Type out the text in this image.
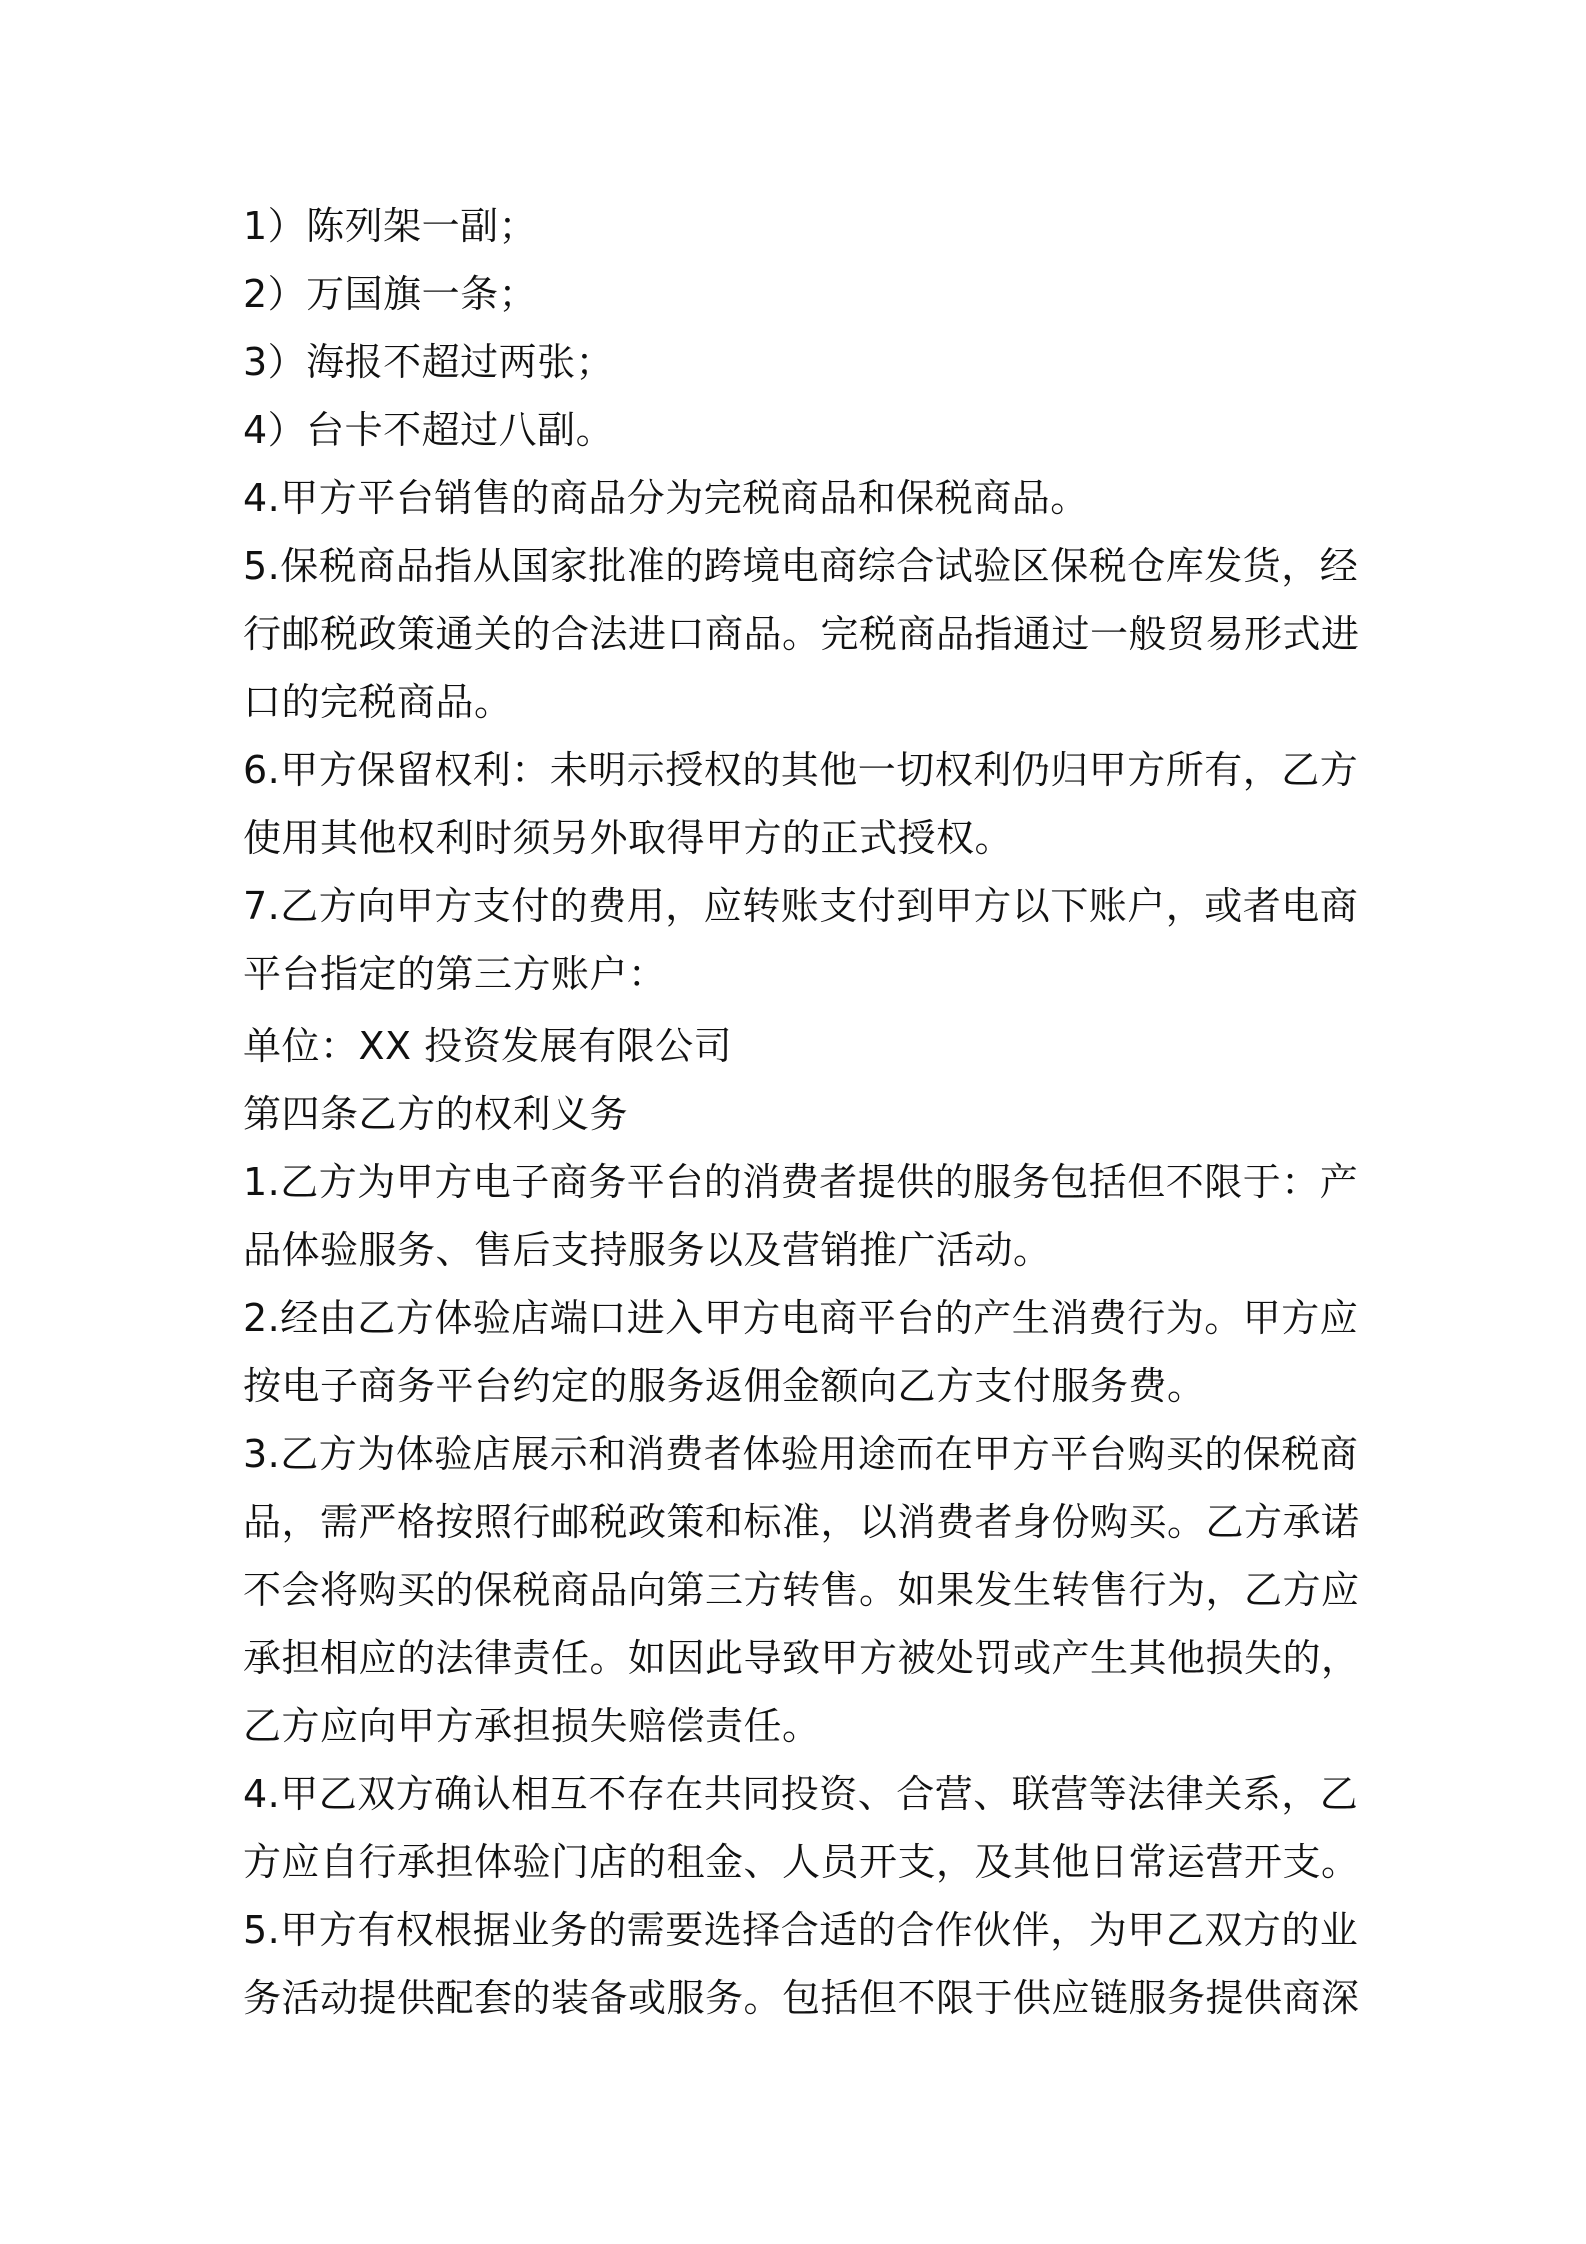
1）陈列架一副；
2）万国旗一条；
3）海报不超过两张；
4）台卡不超过八副。
4.甲方平台销售的商品分为完税商品和保税商品。
5.保税商品指从国家批准的跨境电商综合试验区保税仓库发货，经
行邮税政策通关的合法进口商品。完税商品指通过一般贸易形式进
口的完税商品。
6.甲方保留权利：未明示授权的其他一切权利仍归甲方所有，乙方
使用其他权利时须另外取得甲方的正式授权。
7.乙方向甲方支付的费用，应转账支付到甲方以下账户，或者电商
平台指定的第三方账户：
单位：XX 投资发展有限公司
第四条乙方的权利义务
1.乙方为甲方电子商务平台的消费者提供的服务包括但不限于：产
品体验服务、售后支持服务以及营销推广活动。
2.经由乙方体验店端口进入甲方电商平台的产生消费行为。甲方应
按电子商务平台约定的服务返佣金额向乙方支付服务费。
3.乙方为体验店展示和消费者体验用途而在甲方平台购买的保税商
品，需严格按照行邮税政策和标准，以消费者身份购买。乙方承诺
不会将购买的保税商品向第三方转售。如果发生转售行为，乙方应
承担相应的法律责任。如因此导致甲方被处罚或产生其他损失的，
乙方应向甲方承担损失赔偿责任。
4.甲乙双方确认相互不存在共同投资、合营、联营等法律关系，乙
方应自行承担体验门店的租金、人员开支，及其他日常运营开支。
5.甲方有权根据业务的需要选择合适的合作伙伴，为甲乙双方的业
务活动提供配套的装备或服务。包括但不限于供应链服务提供商深
